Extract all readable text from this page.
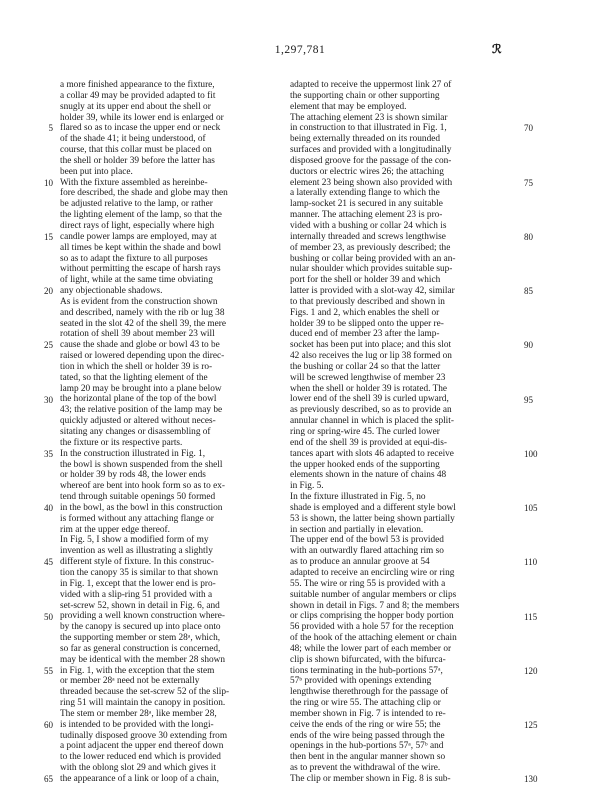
1,297,781	ℛ
a more finished appearance to the fixture,
a collar 49 may be provided adapted to fit
snugly at its upper end about the shell or
holder 39, while its lower end is enlarged or
flared so as to incase the upper end or neck
of the shade 41; it being understood, of
course, that this collar must be placed on
the shell or holder 39 before the latter has
been put into place.
With the fixture assembled as hereinbe-
fore described, the shade and globe may then
be adjusted relative to the lamp, or rather
the lighting element of the lamp, so that the
direct rays of light, especially where high
candle power lamps are employed, may at
all times be kept within the shade and bowl
so as to adapt the fixture to all purposes
without permitting the escape of harsh rays
of light, while at the same time obviating
any objectionable shadows.
As is evident from the construction shown
and described, namely with the rib or lug 38
seated in the slot 42 of the shell 39, the mere
rotation of shell 39 about member 23 will
cause the shade and globe or bowl 43 to be
raised or lowered depending upon the direc-
tion in which the shell or holder 39 is ro-
tated, so that the lighting element of the
lamp 20 may be brought into a plane below
the horizontal plane of the top of the bowl
43; the relative position of the lamp may be
quickly adjusted or altered without neces-
sitating any changes or disassembling of
the fixture or its respective parts.
In the construction illustrated in Fig. 1,
the bowl is shown suspended from the shell
or holder 39 by rods 48, the lower ends
whereof are bent into hook form so as to ex-
tend through suitable openings 50 formed
in the bowl, as the bowl in this construction
is formed without any attaching flange or
rim at the upper edge thereof.
In Fig. 5, I show a modified form of my
invention as well as illustrating a slightly
different style of fixture. In this construc-
tion the canopy 35 is similar to that shown
in Fig. 1, except that the lower end is pro-
vided with a slip-ring 51 provided with a
set-screw 52, shown in detail in Fig. 6, and
providing a well known construction where-
by the canopy is secured up into place onto
the supporting member or stem 28ᵃ, which,
so far as general construction is concerned,
may be identical with the member 28 shown
in Fig. 1, with the exception that the stem
or member 28ᵃ need not be externally
threaded because the set-screw 52 of the slip-
ring 51 will maintain the canopy in position.
The stem or member 28ᵃ, like member 28,
is intended to be provided with the longi-
tudinally disposed groove 30 extending from
a point adjacent the upper end thereof down
to the lower reduced end which is provided
with the oblong slot 29 and which gives it
the appearance of a link or loop of a chain,
adapted to receive the uppermost link 27 of
the supporting chain or other supporting
element that may be employed.
The attaching element 23 is shown similar
in construction to that illustrated in Fig. 1,
being externally threaded on its rounded
surfaces and provided with a longitudinally
disposed groove for the passage of the con-
ductors or electric wires 26; the attaching
element 23 being shown also provided with
a laterally extending flange to which the
lamp-socket 21 is secured in any suitable
manner. The attaching element 23 is pro-
vided with a bushing or collar 24 which is
internally threaded and screws lengthwise
of member 23, as previously described; the
bushing or collar being provided with an an-
nular shoulder which provides suitable sup-
port for the shell or holder 39 and which
latter is provided with a slot-way 42, similar
to that previously described and shown in
Figs. 1 and 2, which enables the shell or
holder 39 to be slipped onto the upper re-
duced end of member 23 after the lamp-
socket has been put into place; and this slot
42 also receives the lug or lip 38 formed on
the bushing or collar 24 so that the latter
will be screwed lengthwise of member 23
when the shell or holder 39 is rotated. The
lower end of the shell 39 is curled upward,
as previously described, so as to provide an
annular channel in which is placed the split-
ring or spring-wire 45. The curled lower
end of the shell 39 is provided at equi-dis-
tances apart with slots 46 adapted to receive
the upper hooked ends of the supporting
elements shown in the nature of chains 48
in Fig. 5.
In the fixture illustrated in Fig. 5, no
shade is employed and a different style bowl
53 is shown, the latter being shown partially
in section and partially in elevation.
The upper end of the bowl 53 is provided
with an outwardly flared attaching rim so
as to produce an annular groove at 54
adapted to receive an encircling wire or ring
55. The wire or ring 55 is provided with a
suitable number of angular members or clips
shown in detail in Figs. 7 and 8; the members
or clips comprising the hopper body portion
56 provided with a hole 57 for the reception
of the hook of the attaching element or chain
48; while the lower part of each member or
clip is shown bifurcated, with the bifurca-
tions terminating in the hub-portions 57ᵃ,
57ᵇ provided with openings extending
lengthwise therethrough for the passage of
the ring or wire 55. The attaching clip or
member shown in Fig. 7 is intended to re-
ceive the ends of the ring or wire 55; the
ends of the wire being passed through the
openings in the hub-portions 57ᵃ, 57ᵇ and
then bent in the angular manner shown so
as to prevent the withdrawal of the wire.
The clip or member shown in Fig. 8 is sub-
5
10
15
20
25
30
35
40
45
50
55
60
65
70
75
80
85
90
95
100
105
110
115
120
125
130
